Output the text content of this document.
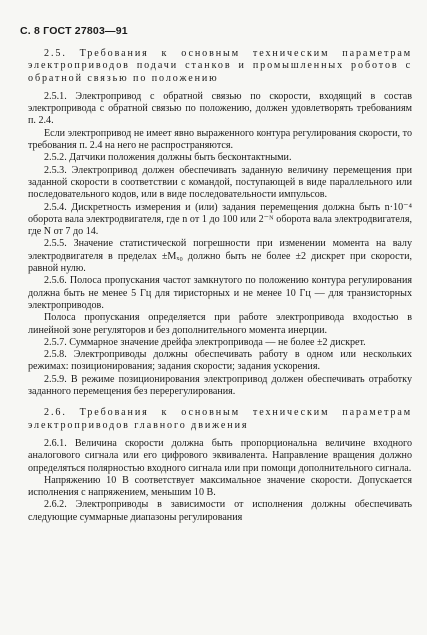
С. 8 ГОСТ 27803—91

2.5. Требования к основным техническим параметрам электроприводов подачи станков и промышленных роботов с обратной связью по положению

2.5.1. Электропривод с обратной связью по скорости, входящий в состав электропривода с обратной связью по положению, должен удовлетворять требованиям п. 2.4.

Если электропривод не имеет явно выраженного контура регулирования скорости, то требования п. 2.4 на него не распространяются.

2.5.2. Датчики положения должны быть бесконтактными.

2.5.3. Электропривод должен обеспечивать заданную величину перемещения при заданной скорости в соответствии с командой, поступающей в виде параллельного или последовательного кодов, или в виде последовательности импульсов.

2.5.4. Дискретность измерения и (или) задания перемещения должна быть n·10⁻⁴ оборота вала электродвигателя, где n от 1 до 100 или 2⁻ᴺ оборота вала электродвигателя, где N от 7 до 14.

2.5.5. Значение статистической погрешности при изменении момента на валу электродвигателя в пределах ±Mₓ₀ должно быть не более ±2 дискрет при скорости, равной нулю.

2.5.6. Полоса пропускания частот замкнутого по положению контура регулирования должна быть не менее 5 Гц для тиристорных и не менее 10 Гц — для транзисторных электроприводов.

Полоса пропускания определяется при работе электропривода входостью в линейной зоне регуляторов и без дополнительного момента инерции.

2.5.7. Суммарное значение дрейфа электропривода — не более ±2 дискрет.

2.5.8. Электроприводы должны обеспечивать работу в одном или нескольких режимах: позиционирования; задания скорости; задания ускорения.

2.5.9. В режиме позиционирования электропривод должен обеспечивать отработку заданного перемещения без перерегулирования.

2.6. Требования к основным техническим параметрам электроприводов главного движения

2.6.1. Величина скорости должна быть пропорциональна величине входного аналогового сигнала или его цифрового эквивалента. Направление вращения должно определяться полярностью входного сигнала или при помощи дополнительного сигнала.

Напряжению 10 В соответствует максимальное значение скорости. Допускается исполнения с напряжением, меньшим 10 В.

2.6.2. Электроприводы в зависимости от исполнения должны обеспечивать следующие суммарные диапазоны регулирования
